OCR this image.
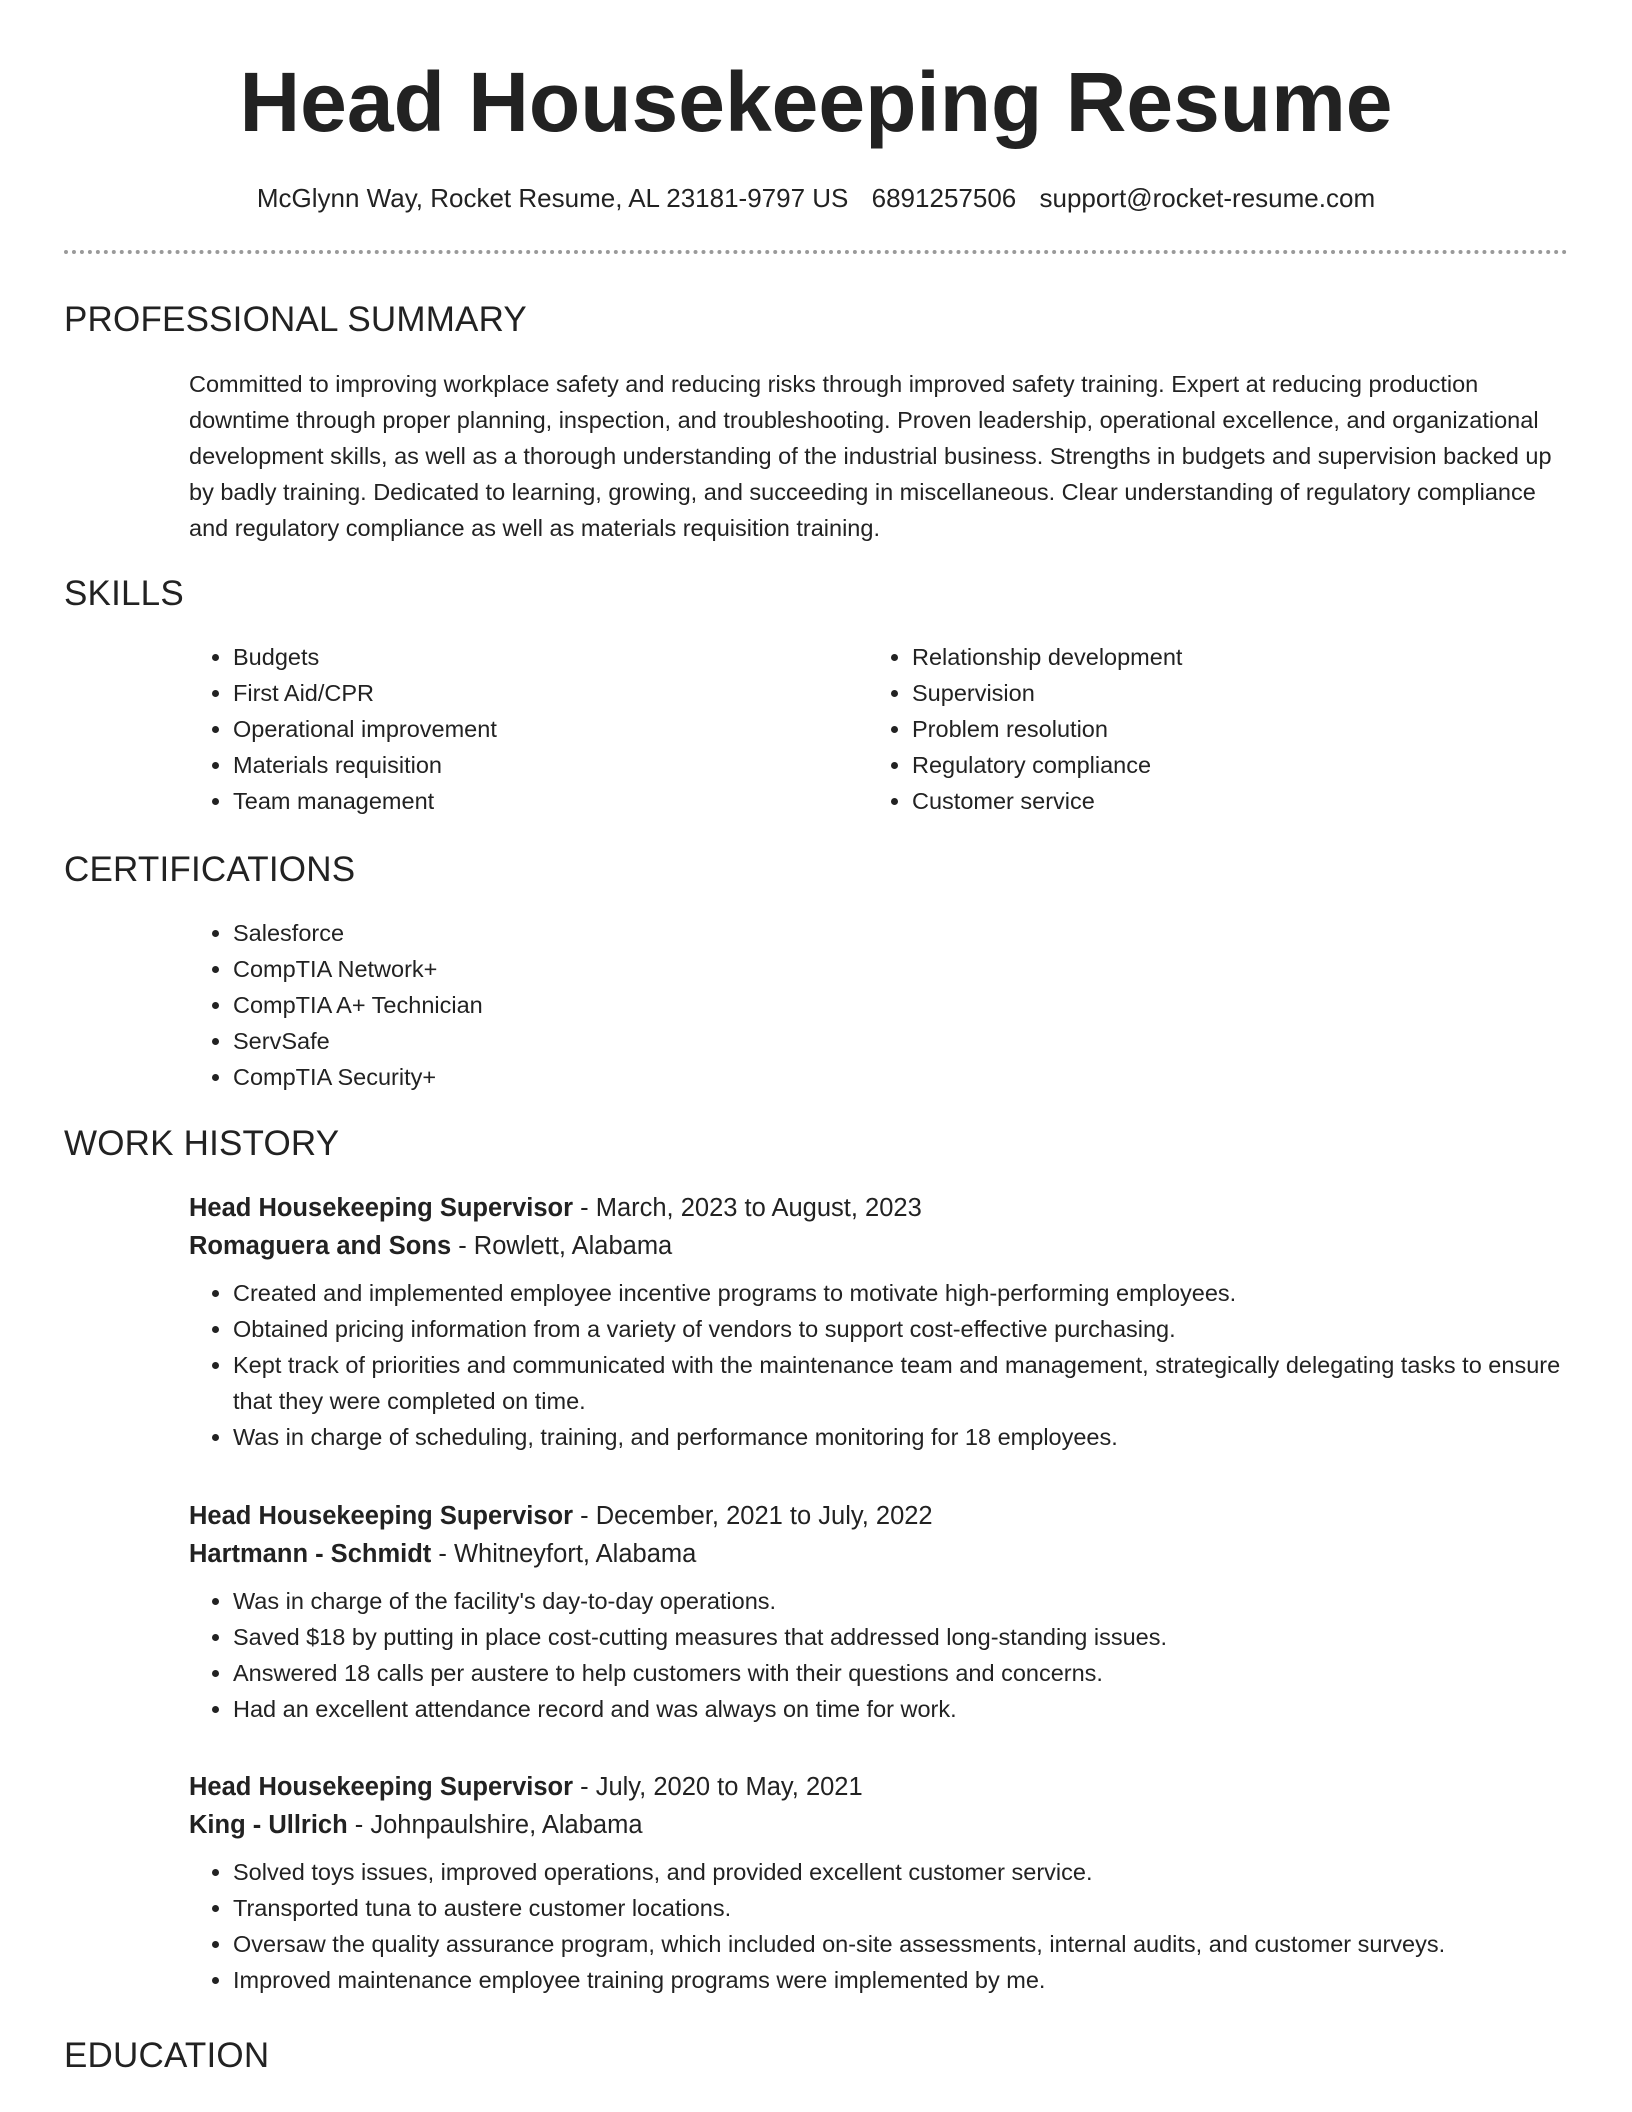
Head Housekeeping Resume
McGlynn Way, Rocket Resume, AL 23181-9797 US 6891257506 support@rocket-resume.com
PROFESSIONAL SUMMARY

Committed to improving workplace safety and reducing risks through improved safety training. Expert at reducing production downtime through proper planning, inspection, and troubleshooting. Proven leadership, operational excellence, and organizational development skills, as well as a thorough understanding of the industrial business. Strengths in budgets and supervision backed up by badly training. Dedicated to learning, growing, and succeeding in miscellaneous. Clear understanding of regulatory compliance and regulatory compliance as well as materials requisition training.

SKILLS
• Budgets
• First Aid/CPR
• Operational improvement
• Materials requisition
• Team management
• Relationship development
• Supervision
• Problem resolution
• Regulatory compliance
• Customer service
CERTIFICATIONS
• Salesforce
• CompTIA Network+
• CompTIA A+ Technician
• ServSafe
• CompTIA Security+
WORK HISTORY

Head Housekeeping Supervisor - March, 2023 to August, 2023

Romaguera and Sons - Rowlett, Alabama

• Created and implemented employee incentive programs to motivate high-performing employees.
• Obtained pricing information from a variety of vendors to support cost-effective purchasing.
• Kept track of priorities and communicated with the maintenance team and management, strategically delegating tasks to ensure that they were completed on time.
• Was in charge of scheduling, training, and performance monitoring for 18 employees.

Head Housekeeping Supervisor - December, 2021 to July, 2022

Hartmann - Schmidt - Whitneyfort, Alabama

• Was in charge of the facility's day-to-day operations.
• Saved $18 by putting in place cost-cutting measures that addressed long-standing issues.
• Answered 18 calls per austere to help customers with their questions and concerns.
• Had an excellent attendance record and was always on time for work.

Head Housekeeping Supervisor - July, 2020 to May, 2021

King - Ullrich - Johnpaulshire, Alabama

• Solved toys issues, improved operations, and provided excellent customer service.
• Transported tuna to austere customer locations.
• Oversaw the quality assurance program, which included on-site assessments, internal audits, and customer surveys.
• Improved maintenance employee training programs were implemented by me.
EDUCATION
